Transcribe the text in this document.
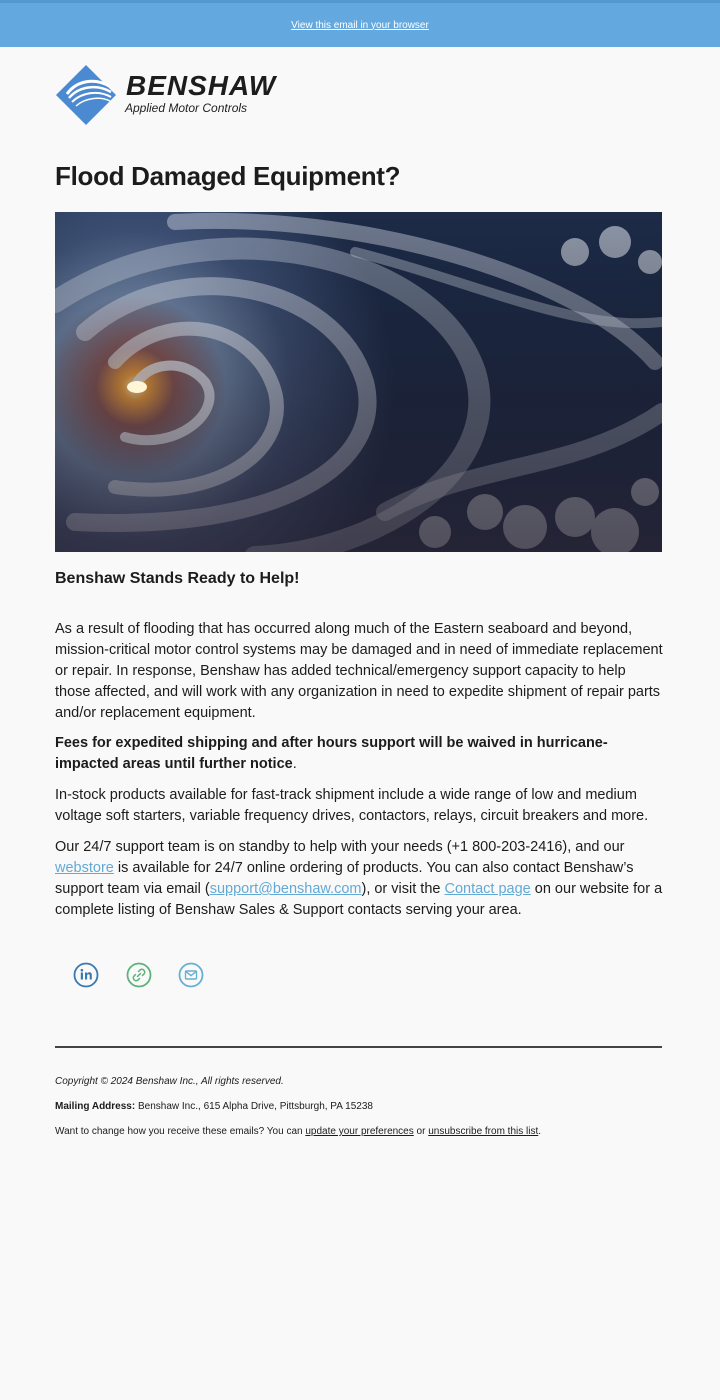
View this email in your browser
BENSHAW
Applied Motor Controls
Flood Damaged Equipment?
Benshaw Stands Ready to Help!

As a result of flooding that has occurred along much of the Eastern seaboard and beyond, mission-critical motor control systems may be damaged and in need of immediate replacement or repair. In response, Benshaw has added technical/emergency support capacity to help those affected, and will work with any organization in need to expedite shipment of repair parts and/or replacement equipment.

Fees for expedited shipping and after hours support will be waived in hurricane-impacted areas until further notice.

In-stock products available for fast-track shipment include a wide range of low and medium voltage soft starters, variable frequency drives, contactors, relays, circuit breakers and more.

Our 24/7 support team is on standby to help with your needs (+1 800-203-2416), and our webstore is available for 24/7 online ordering of products. You can also contact Benshaw’s support team via email (support@benshaw.com), or visit the Contact page on our website for a complete listing of Benshaw Sales & Support contacts serving your area.

Copyright © 2024 Benshaw Inc., All rights reserved.
Mailing Address: Benshaw Inc., 615 Alpha Drive, Pittsburgh, PA 15238
Want to change how you receive these emails? You can update your preferences or unsubscribe from this list.
